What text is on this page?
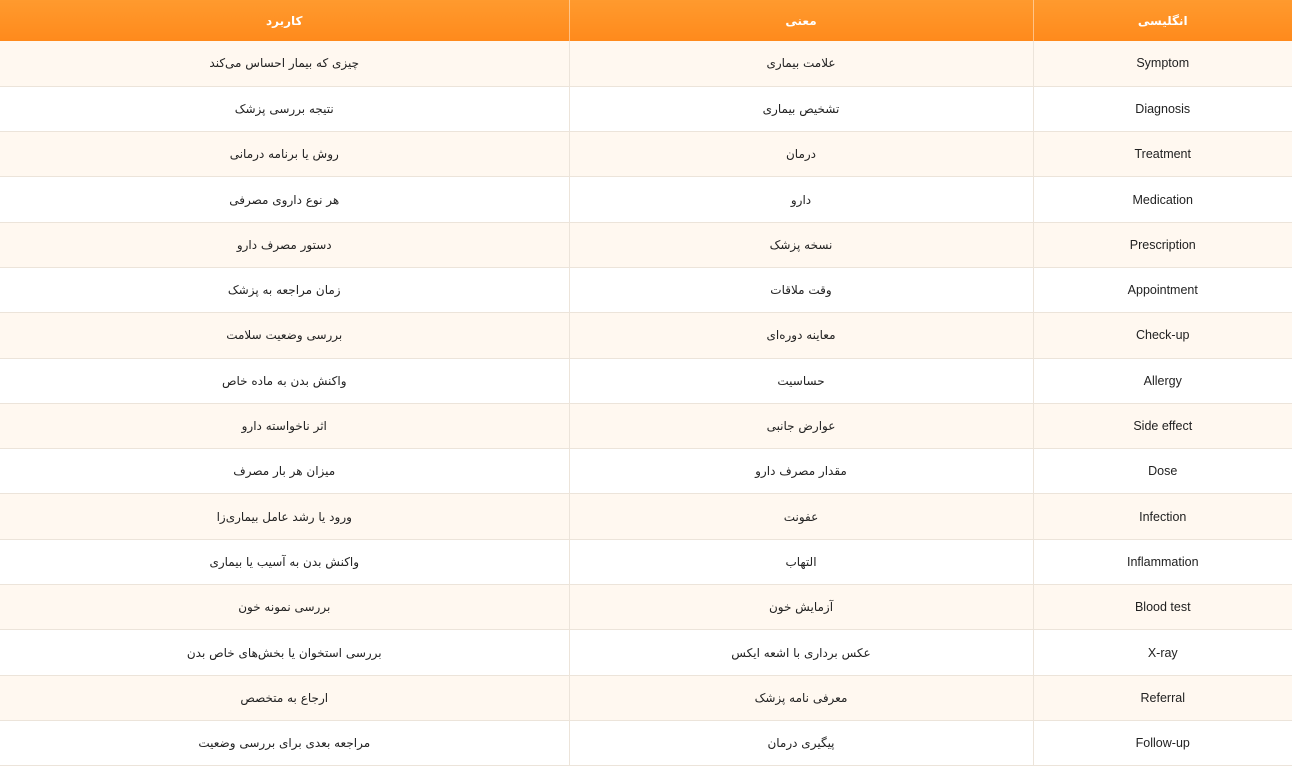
انگلیسی	معنی	کاربرد
Symptom	علامت بیماری	چیزی که بیمار احساس می‌کند
Diagnosis	تشخیص بیماری	نتیجه بررسی پزشک
Treatment	درمان	روش یا برنامه درمانی
Medication	دارو	هر نوع داروی مصرفی
Prescription	نسخه پزشک	دستور مصرف دارو
Appointment	وقت ملاقات	زمان مراجعه به پزشک
Check-up	معاینه دوره‌ای	بررسی وضعیت سلامت
Allergy	حساسیت	واکنش بدن به ماده خاص
Side effect	عوارض جانبی	اثر ناخواسته دارو
Dose	مقدار مصرف دارو	میزان هر بار مصرف
Infection	عفونت	ورود یا رشد عامل بیماری‌زا
Inflammation	التهاب	واکنش بدن به آسیب یا بیماری
Blood test	آزمایش خون	بررسی نمونه خون
X-ray	عکس برداری با اشعه ایکس	بررسی استخوان یا بخش‌های خاص بدن
Referral	معرفی نامه پزشک	ارجاع به متخصص
Follow-up	پیگیری درمان	مراجعه بعدی برای بررسی وضعیت
